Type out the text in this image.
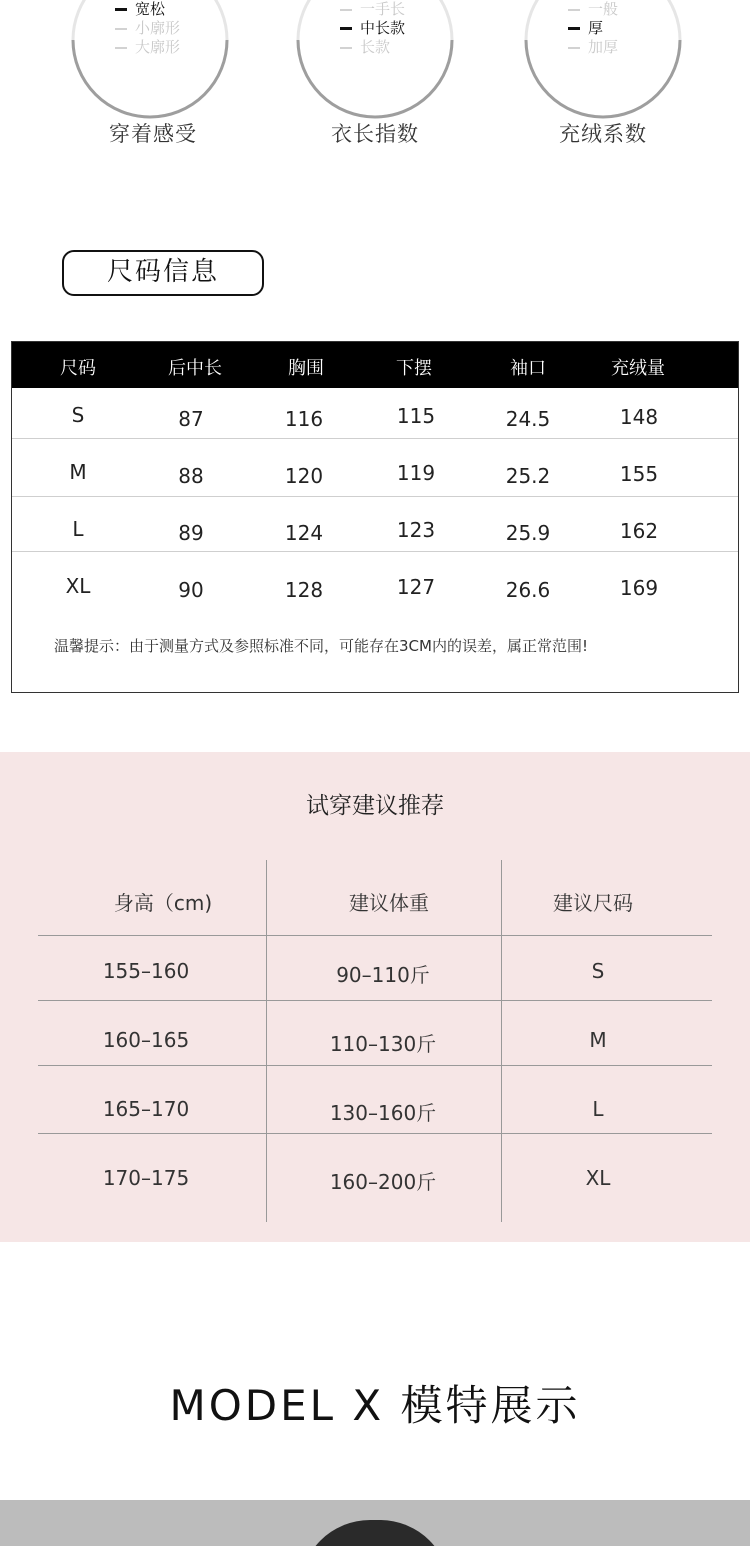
宽松
小廓形
大廓形
一手长
中长款
长款
一般
厚
加厚
穿着感受	衣长指数	充绒系数
尺码信息
尺码	后中长	胸围	下摆	袖口	充绒量
S	87	116	115	24.5	148
M	88	120	119	25.2	155
L	89	124	123	25.9	162
XL	90	128	127	26.6	169
温馨提示：由于测量方式及参照标准不同，可能存在3CM内的误差，属正常范围!
试穿建议推荐
身高（cm)	建议体重	建议尺码
155–160	90–110斤	S
160–165	110–130斤	M
165–170	130–160斤	L
170–175	160–200斤	XL
MODEL X 模特展示
